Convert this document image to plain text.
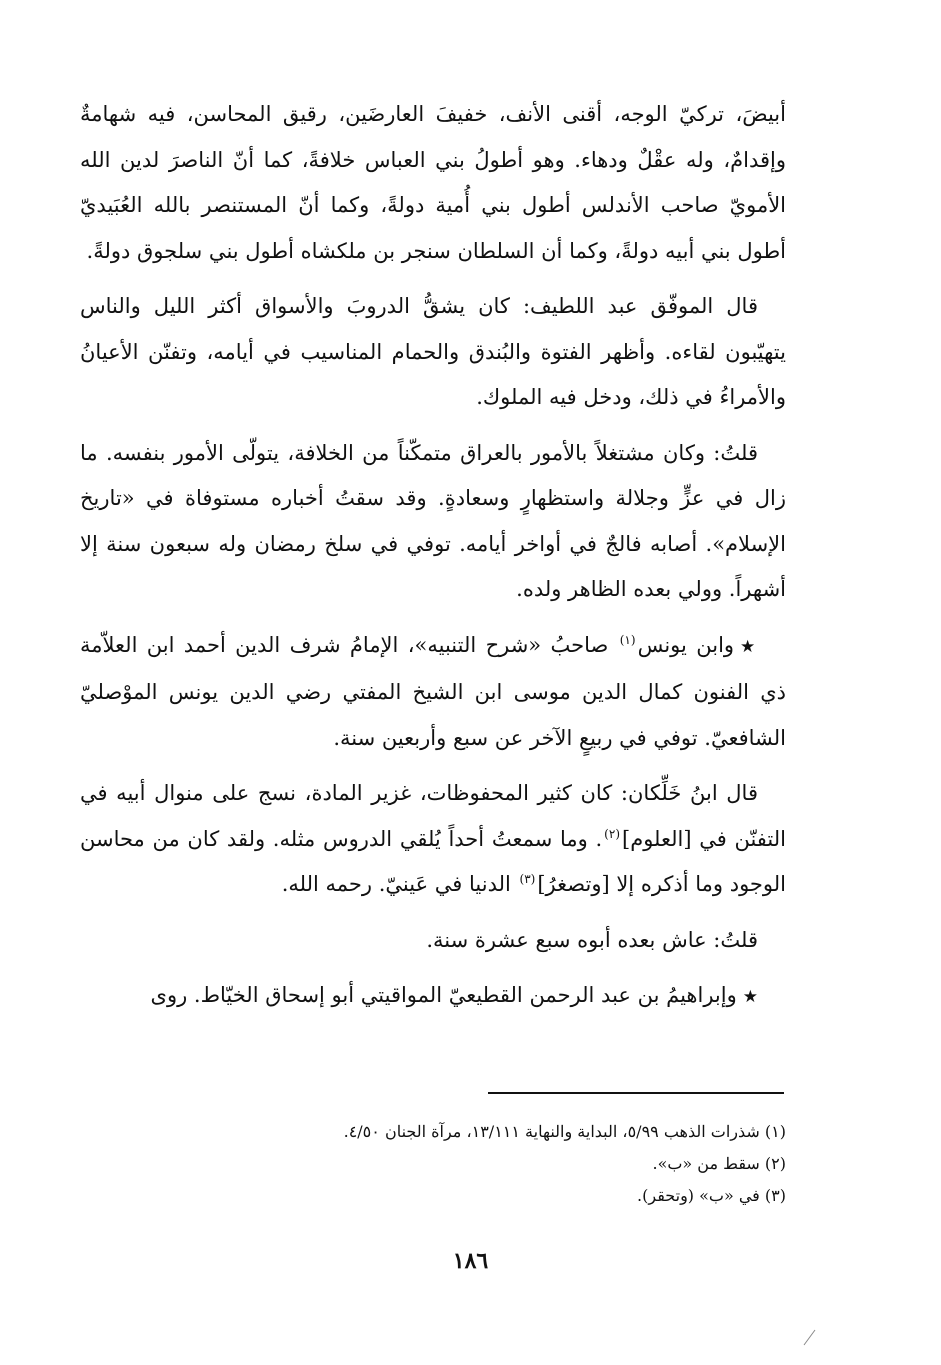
أبيضَ، تركيّ الوجه، أقنى الأنف، خفيفَ العارضَين، رقيق المحاسن، فيه شهامةٌ وإقدامٌ، وله عقْلٌ ودهاء. وهو أطولُ بني العباس خلافةً، كما أنّ الناصرَ لدين الله الأمويّ صاحب الأندلس أطول بني أُمية دولةً، وكما أنّ المستنصر بالله العُبَيديّ أطول بني أبيه دولةً، وكما أن السلطان سنجر بن ملكشاه أطول بني سلجوق دولةً.

قال الموفّق عبد اللطيف: كان يشقُّ الدروبَ والأسواق أكثر الليل والناس يتهيّبون لقاءه. وأظهر الفتوة والبُندق والحمام المناسيب في أيامه، وتفنّن الأعيانُ والأمراءُ في ذلك، ودخل فيه الملوك.

قلتُ: وكان مشتغلاً بالأمور بالعراق متمكّناً من الخلافة، يتولّى الأمور بنفسه. ما زال في عزٍّ وجلالة واستظهارٍ وسعادةٍ. وقد سقتُ أخباره مستوفاة في «تاريخ الإسلام». أصابه فالجٌ في أواخر أيامه. توفي في سلخ رمضان وله سبعون سنة إلا أشهراً. وولي بعده الظاهر ولده.

★وابن يونس$^{(١)}$ صاحبُ «شرح التنبيه»، الإمامُ شرف الدين أحمد ابن العلاّمة ذي الفنون كمال الدين موسى ابن الشيخ المفتي رضي الدين يونس الموْصليّ الشافعيّ. توفي في ربيعٍ الآخر عن سبع وأربعين سنة.

قال ابنُ خَلِّكان: كان كثير المحفوظات، غزير المادة، نسج على منوال أبيه في التفنّن في [العلوم]$^{(٢)}$. وما سمعتُ أحداً يُلقي الدروس مثله. ولقد كان من محاسن الوجود وما أذكره إلا [وتصغرُ]$^{(٣)}$ الدنيا في عَينيّ. رحمه الله.

قلتُ: عاش بعده أبوه سبع عشرة سنة.

★وإبراهيمُ بن عبد الرحمن القطيعيّ المواقيتي أبو إسحاق الخيّاط. روى

(١) شذرات الذهب ٥/٩٩، البداية والنهاية ١٣/١١١، مرآة الجنان ٤/٥٠.

(٢) سقط من «ب».

(٣) في «ب» (وتحقر).

١٨٦
